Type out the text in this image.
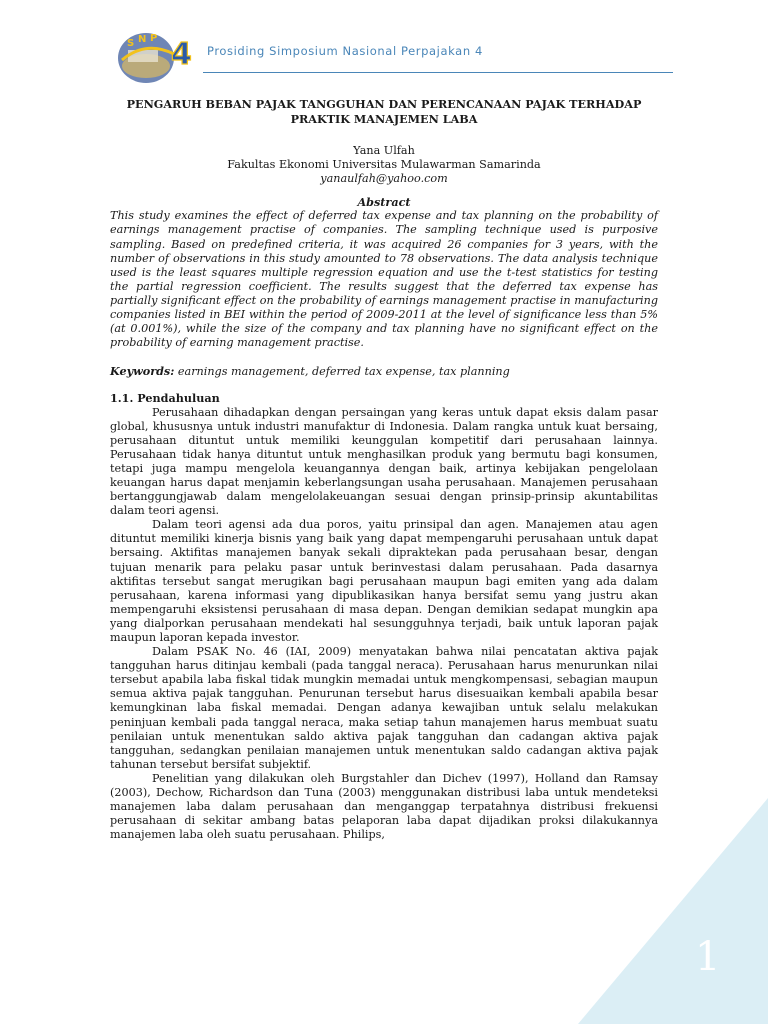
S N P 4 Prosiding Simposium Nasional Perpajakan 4

PENGARUH BEBAN PAJAK TANGGUHAN DAN PERENCANAAN PAJAK TERHADAP PRAKTIK MANAJEMEN LABA

Yana Ulfah
Fakultas Ekonomi Universitas Mulawarman Samarinda
yanaulfah@yahoo.com
Abstract

This study examines the effect of deferred tax expense and tax planning on the probability of earnings management practise of companies. The sampling technique used is purposive sampling. Based on predefined criteria, it was acquired 26 companies for 3 years, with the number of observations in this study amounted to 78 observations. The data analysis technique used is the least squares multiple regression equation and use the t-test statistics for testing the partial regression coefficient. The results suggest that the deferred tax expense has partially significant effect on the probability of earnings management practise in manufacturing companies listed in BEI within the period of 2009-2011 at the level of significance less than 5% (at 0.001%), while the size of the company and tax planning have no significant effect on the probability of earning management practise.

Keywords: earnings management, deferred tax expense, tax planning
1.1. Pendahuluan

Perusahaan dihadapkan dengan persaingan yang keras untuk dapat eksis dalam pasar global, khususnya untuk industri manufaktur di Indonesia. Dalam rangka untuk kuat bersaing, perusahaan dituntut untuk memiliki keunggulan kompetitif dari perusahaan lainnya. Perusahaan tidak hanya dituntut untuk menghasilkan produk yang bermutu bagi konsumen, tetapi juga mampu mengelola keuangannya dengan baik, artinya kebijakan pengelolaan keuangan harus dapat menjamin keberlangsungan usaha perusahaan. Manajemen perusahaan bertanggungjawab dalam mengelolakeuangan sesuai dengan prinsip-prinsip akuntabilitas dalam teori agensi.

Dalam teori agensi ada dua poros, yaitu prinsipal dan agen. Manajemen atau agen dituntut memiliki kinerja bisnis yang baik yang dapat mempengaruhi perusahaan untuk dapat bersaing. Aktifitas manajemen banyak sekali dipraktekan pada perusahaan besar, dengan tujuan menarik para pelaku pasar untuk berinvestasi dalam perusahaan. Pada dasarnya aktifitas tersebut sangat merugikan bagi perusahaan maupun bagi emiten yang ada dalam perusahaan, karena informasi yang dipublikasikan hanya bersifat semu yang justru akan mempengaruhi eksistensi perusahaan di masa depan. Dengan demikian sedapat mungkin apa yang dialporkan perusahaan mendekati hal sesungguhnya terjadi, baik untuk laporan pajak maupun laporan kepada investor.

Dalam PSAK No. 46 (IAI, 2009) menyatakan bahwa nilai pencatatan aktiva pajak tangguhan harus ditinjau kembali (pada tanggal neraca). Perusahaan harus menurunkan nilai tersebut apabila laba fiskal tidak mungkin memadai untuk mengkompensasi, sebagian maupun semua aktiva pajak tangguhan. Penurunan tersebut harus disesuaikan kembali apabila besar kemungkinan laba fiskal memadai. Dengan adanya kewajiban untuk selalu melakukan peninjuan kembali pada tanggal neraca, maka setiap tahun manajemen harus membuat suatu penilaian untuk menentukan saldo aktiva pajak tangguhan dan cadangan aktiva pajak tangguhan, sedangkan penilaian manajemen untuk menentukan saldo cadangan aktiva pajak tahunan tersebut bersifat subjektif.

Penelitian yang dilakukan oleh Burgstahler dan Dichev (1997), Holland dan Ramsay (2003), Dechow, Richardson dan Tuna (2003) menggunakan distribusi laba untuk mendeteksi manajemen laba dalam perusahaan dan menganggap terpatahnya distribusi frekuensi perusahaan di sekitar ambang batas pelaporan laba dapat dijadikan proksi dilakukannya manajemen laba oleh suatu perusahaan. Philips,

1
